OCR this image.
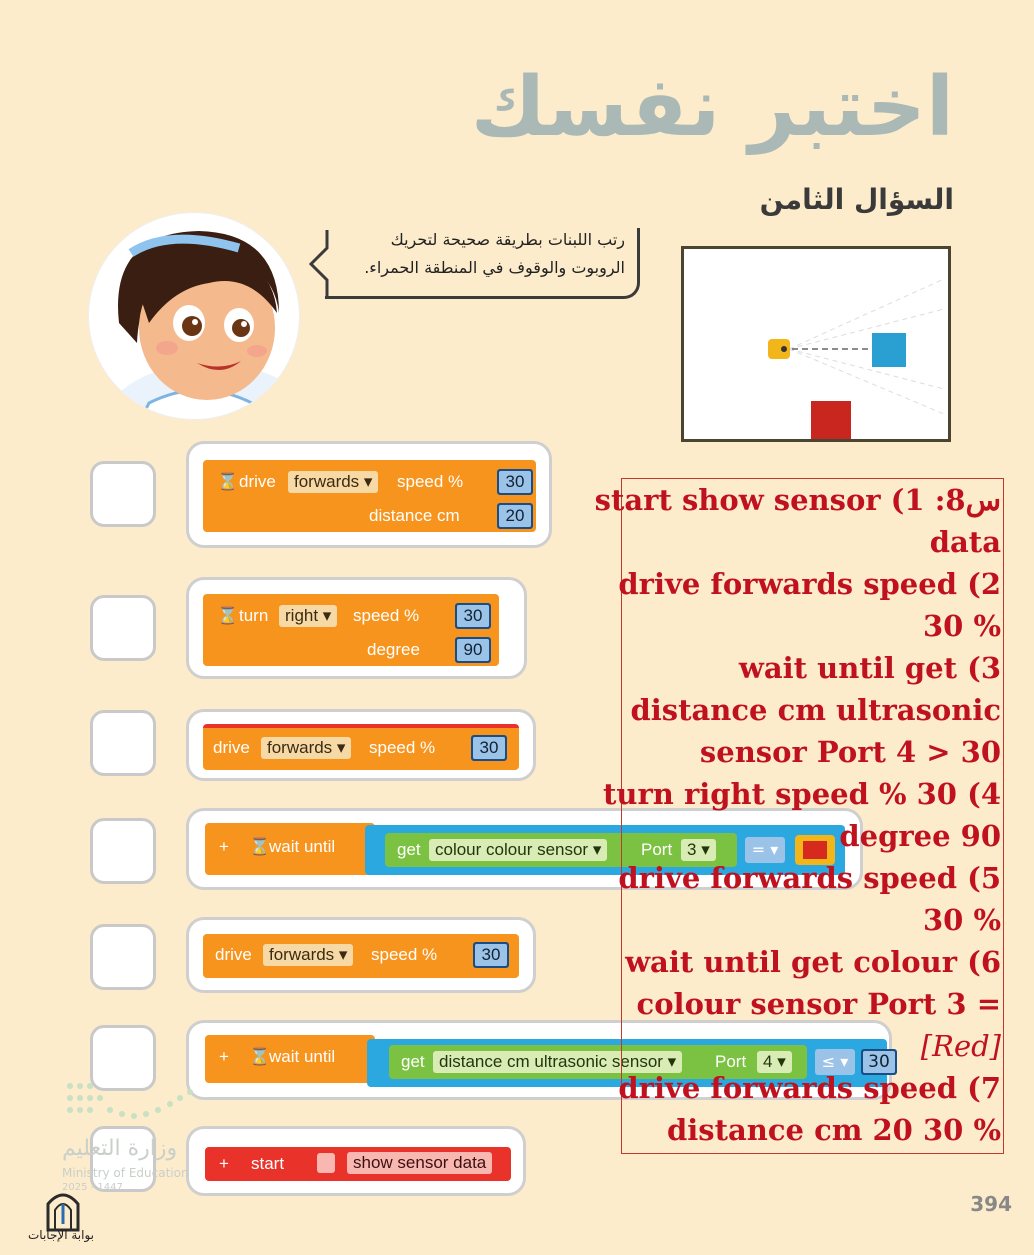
اختبر نفسك
السؤال الثامن
رتب اللبنات بطريقة صحيحة لتحريك
الروبوت والوقوف في المنطقة الحمراء.
⌛ drive	forwards ▾	speed %	30
distance cm	20
⌛ turn right ▾	speed %	30
degree	90
drive	forwards ▾	speed %	30
+ ⌛
wait until	get colour colour sensor ▾	Port 3 ▾	= ▾
drive	forwards ▾	speed %	30
+ ⌛
wait until	get distance cm ultrasonic sensor ▾	Port 4 ▾	≤ ▾	30
+ start	show sensor data
وزارة التعليم
Ministry of Education
2025 - 1447
بوابة الإجابات
س8: 1) start show sensor
data
2) drive forwards speed
% 30
3) wait until get
distance cm ultrasonic
sensor Port 4 > 30
4) turn right speed % 30
degree 90
5) drive forwards speed
% 30
6) wait until get colour
= colour sensor Port 3
[Red]
7) drive forwards speed
% 30 distance cm 20
394
